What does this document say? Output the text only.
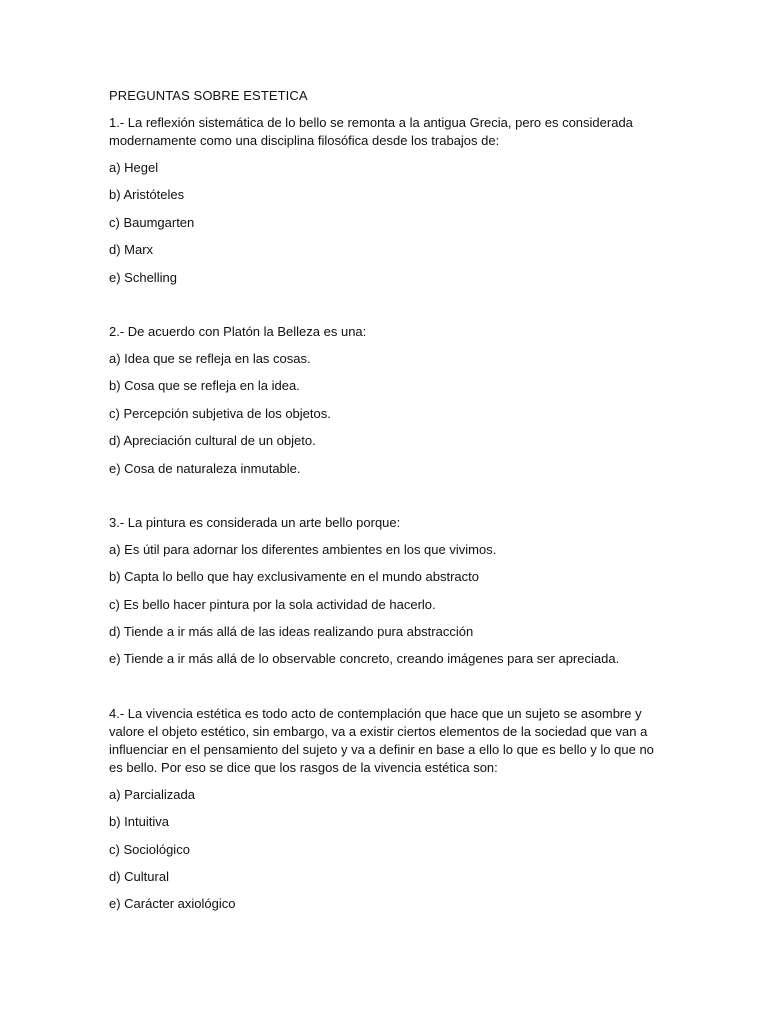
PREGUNTAS SOBRE ESTETICA

1.- La reflexión sistemática de lo bello se remonta a la antigua Grecia, pero es considerada modernamente como una disciplina filosófica desde los trabajos de:

a) Hegel

b) Aristóteles

c) Baumgarten

d) Marx

e) Schelling

2.- De acuerdo con Platón la Belleza es una:

a) Idea que se refleja en las cosas.

b) Cosa que se refleja en la idea.

c) Percepción subjetiva de los objetos.

d) Apreciación cultural de un objeto.

e) Cosa de naturaleza inmutable.

3.- La pintura es considerada un arte bello porque:

a) Es útil para adornar los diferentes ambientes en los que vivimos.

b) Capta lo bello que hay exclusivamente en el mundo abstracto

c) Es bello hacer pintura por la sola actividad de hacerlo.

d) Tiende a ir más allá de las ideas realizando pura abstracción

e) Tiende a ir más allá de lo observable concreto, creando imágenes para ser apreciada.

4.- La vivencia estética es todo acto de contemplación que hace que un sujeto se asombre y valore el objeto estético, sin embargo, va a existir ciertos elementos de la sociedad que van a influenciar en el pensamiento del sujeto y va a definir en base a ello lo que es bello y lo que no es bello. Por eso se dice que los rasgos de la vivencia estética son:

a) Parcializada

b) Intuitiva

c) Sociológico

d) Cultural

e) Carácter axiológico
